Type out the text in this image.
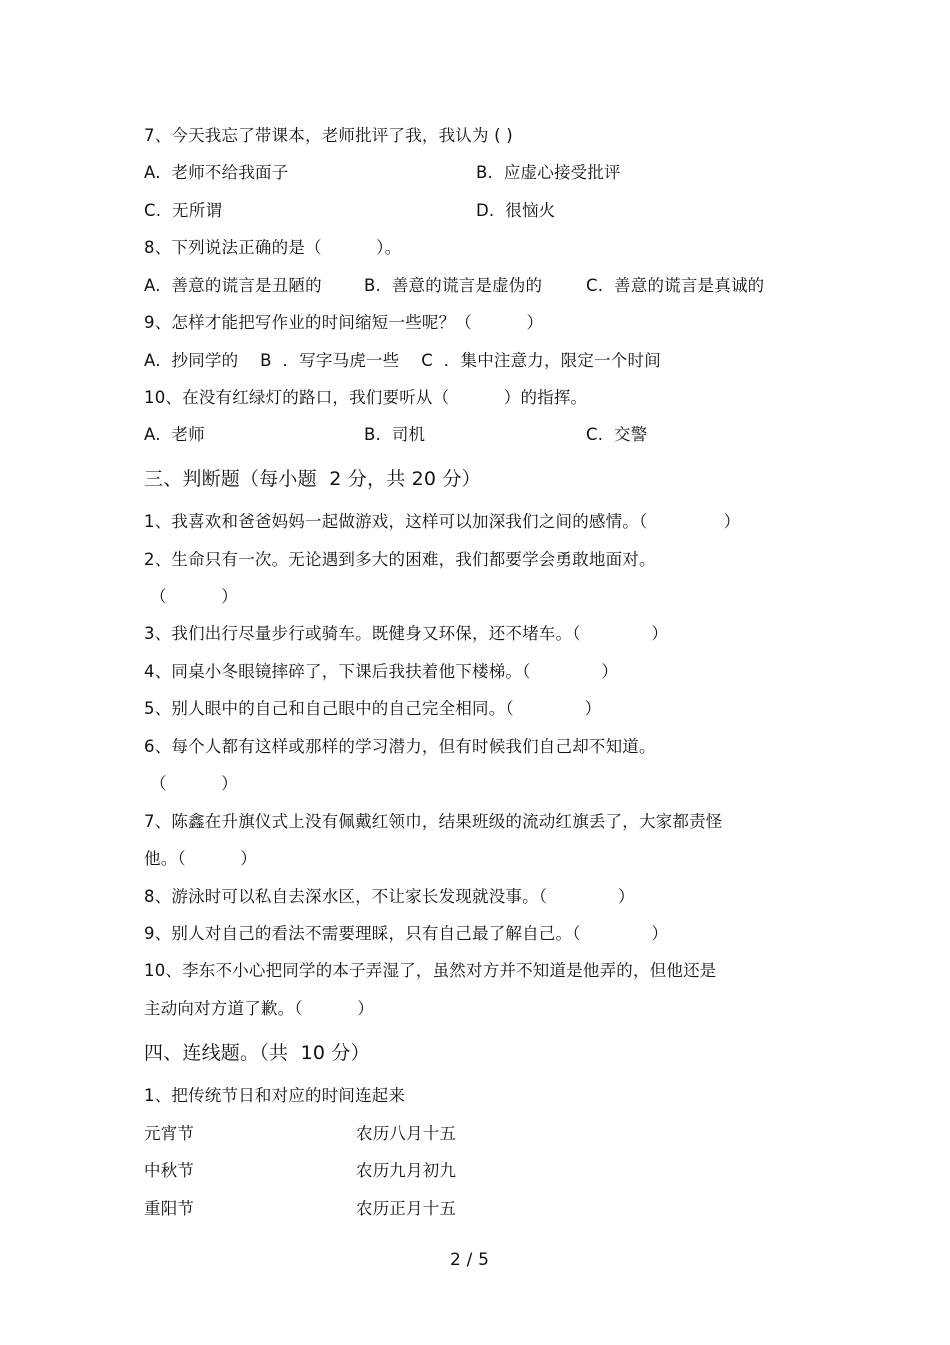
7、今天我忘了带课本，老师批评了我，我认为 ( )
A.  老师不给我面子	B.  应虚心接受批评
C.  无所谓	D.  很恼火
8、下列说法正确的是（          ）。
A.  善意的谎言是丑陋的	B.  善意的谎言是虚伪的	C.  善意的谎言是真诚的
9、怎样才能把写作业的时间缩短一些呢？（          ）
A.  抄同学的    B  ．写字马虎一些    C  ．集中注意力，限定一个时间
10、在没有红绿灯的路口，我们要听从（          ）的指挥。
A.  老师	B.  司机	C.  交警
三、判断题（每小题  2 分，共 20 分）
1、我喜欢和爸爸妈妈一起做游戏，这样可以加深我们之间的感情。（              ）
2、生命只有一次。无论遇到多大的困难，我们都要学会勇敢地面对。
（          ）
3、我们出行尽量步行或骑车。既健身又环保，还不堵车。（             ）
4、同桌小冬眼镜摔碎了，下课后我扶着他下楼梯。（             ）
5、别人眼中的自己和自己眼中的自己完全相同。（             ）
6、每个人都有这样或那样的学习潜力，但有时候我们自己却不知道。
（          ）
7、陈鑫在升旗仪式上没有佩戴红领巾，结果班级的流动红旗丢了，大家都责怪
他。（          ）
8、游泳时可以私自去深水区，不让家长发现就没事。（             ）
9、别人对自己的看法不需要理睬，只有自己最了解自己。（             ）
10、李东不小心把同学的本子弄湿了，虽然对方并不知道是他弄的，但他还是
主动向对方道了歉。（          ）
四、连线题。（共  10 分）
1、把传统节日和对应的时间连起来
元宵节	农历八月十五
中秋节	农历九月初九
重阳节	农历正月十五
2 / 5
